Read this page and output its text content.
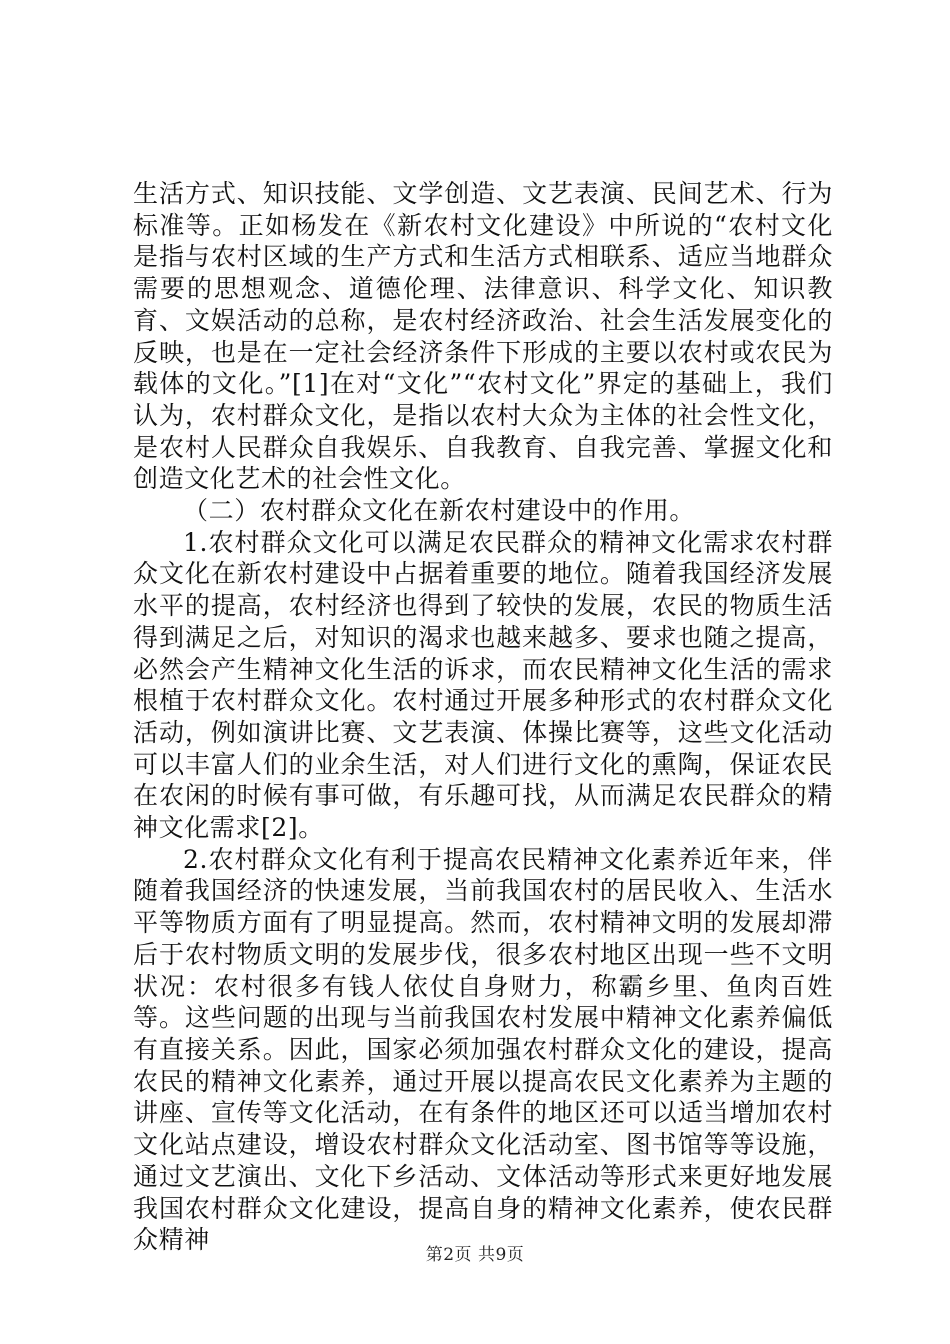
生活方式、知识技能、文学创造、文艺表演、民间艺术、行为标准等。正如杨发在《新农村文化建设》中所说的“农村文化是指与农村区域的生产方式和生活方式相联系、适应当地群众需要的思想观念、道德伦理、法律意识、科学文化、知识教育、文娱活动的总称，是农村经济政治、社会生活发展变化的反映，也是在一定社会经济条件下形成的主要以农村或农民为载体的文化。”[1]在对“文化”“农村文化”界定的基础上，我们认为，农村群众文化，是指以农村大众为主体的社会性文化，是农村人民群众自我娱乐、自我教育、自我完善、掌握文化和创造文化艺术的社会性文化。

（二）农村群众文化在新农村建设中的作用。

1.农村群众文化可以满足农民群众的精神文化需求农村群众文化在新农村建设中占据着重要的地位。随着我国经济发展水平的提高，农村经济也得到了较快的发展，农民的物质生活得到满足之后，对知识的渴求也越来越多、要求也随之提高，必然会产生精神文化生活的诉求，而农民精神文化生活的需求根植于农村群众文化。农村通过开展多种形式的农村群众文化活动，例如演讲比赛、文艺表演、体操比赛等，这些文化活动可以丰富人们的业余生活，对人们进行文化的熏陶，保证农民在农闲的时候有事可做，有乐趣可找，从而满足农民群众的精神文化需求[2]。

2.农村群众文化有利于提高农民精神文化素养近年来，伴随着我国经济的快速发展，当前我国农村的居民收入、生活水平等物质方面有了明显提高。然而，农村精神文明的发展却滞后于农村物质文明的发展步伐，很多农村地区出现一些不文明状况：农村很多有钱人依仗自身财力，称霸乡里、鱼肉百姓等。这些问题的出现与当前我国农村发展中精神文化素养偏低有直接关系。因此，国家必须加强农村群众文化的建设，提高农民的精神文化素养，通过开展以提高农民文化素养为主题的讲座、宣传等文化活动，在有条件的地区还可以适当增加农村文化站点建设，增设农村群众文化活动室、图书馆等等设施，通过文艺演出、文化下乡活动、文体活动等形式来更好地发展我国农村群众文化建设，提高自身的精神文化素养，使农民群众精神

第2页 共9页
